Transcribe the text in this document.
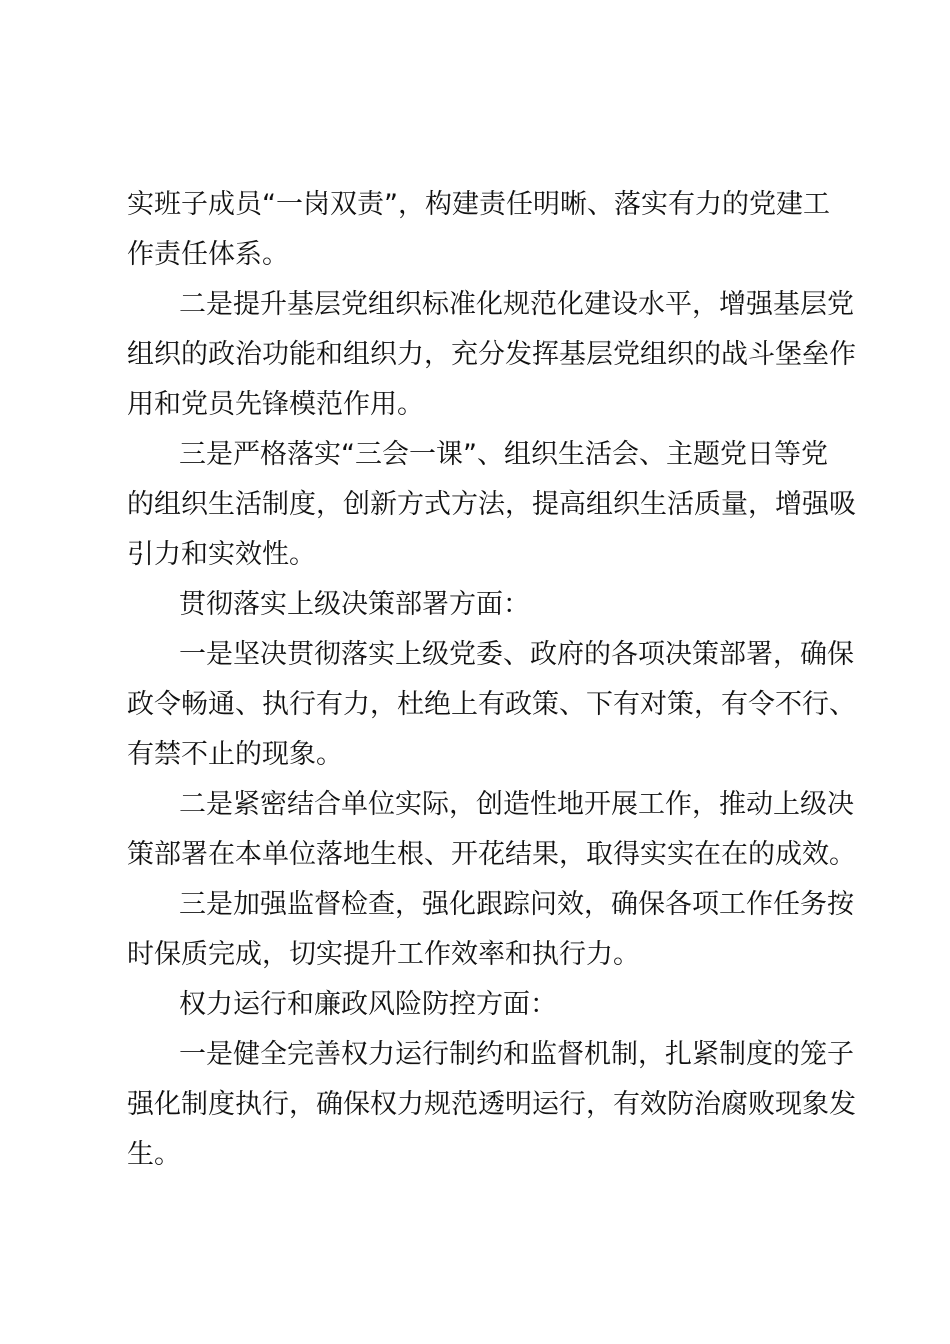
实班子成员“一岗双责”，构建责任明晰、落实有力的党建工
作责任体系。
二是提升基层党组织标准化规范化建设水平，增强基层党
组织的政治功能和组织力，充分发挥基层党组织的战斗堡垒作
用和党员先锋模范作用。
三是严格落实“三会一课”、组织生活会、主题党日等党
的组织生活制度，创新方式方法，提高组织生活质量，增强吸
引力和实效性。
贯彻落实上级决策部署方面：
一是坚决贯彻落实上级党委、政府的各项决策部署，确保
政令畅通、执行有力，杜绝上有政策、下有对策，有令不行、
有禁不止的现象。
二是紧密结合单位实际，创造性地开展工作，推动上级决
策部署在本单位落地生根、开花结果，取得实实在在的成效。
三是加强监督检查，强化跟踪问效，确保各项工作任务按
时保质完成，切实提升工作效率和执行力。
权力运行和廉政风险防控方面：
一是健全完善权力运行制约和监督机制，扎紧制度的笼子
强化制度执行，确保权力规范透明运行，有效防治腐败现象发
生。
